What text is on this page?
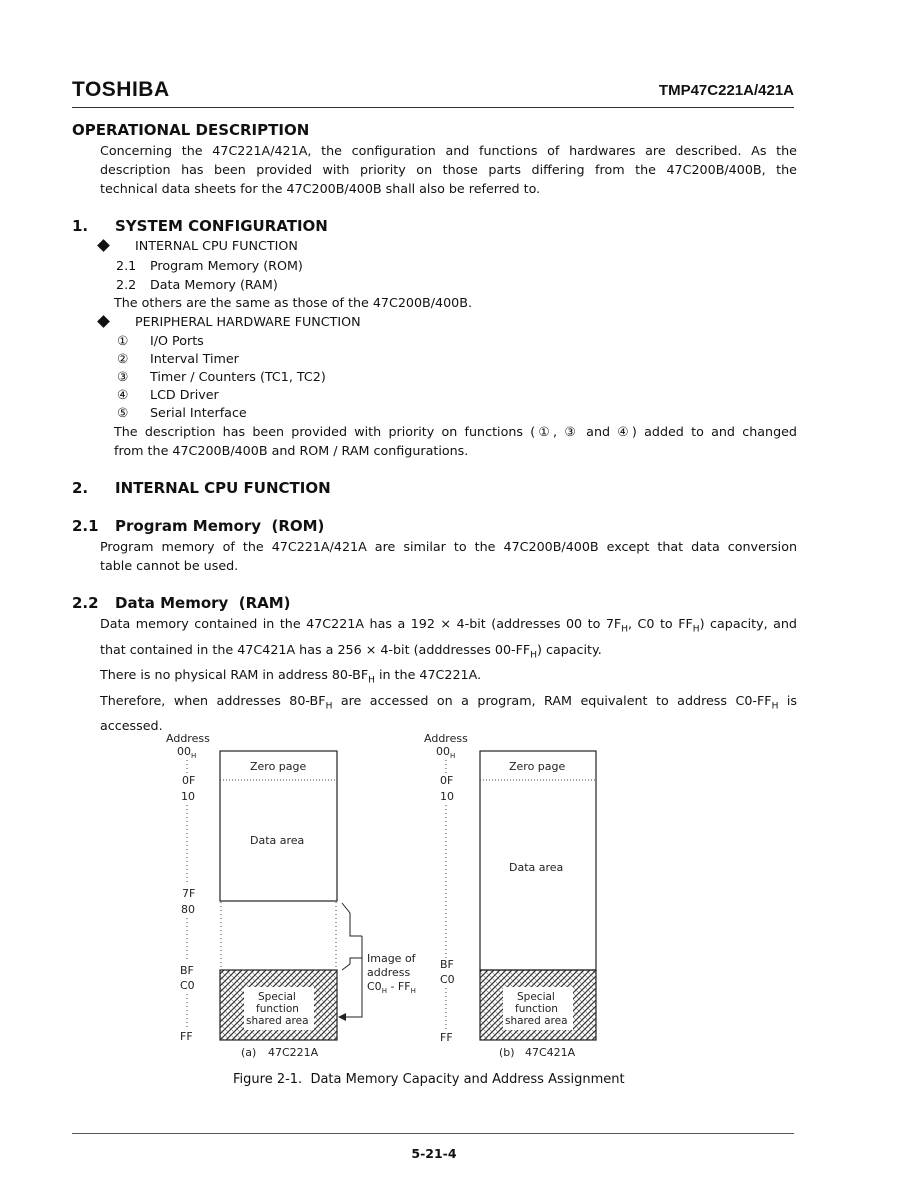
TOSHIBA	TMP47C221A/421A
OPERATIONAL DESCRIPTION
Concerning the 47C221A/421A, the configuration and functions of hardwares are described. As the
description has been provided with priority on those parts differing from the 47C200B/400B, the
technical data sheets for the 47C200B/400B shall also be referred to.
1. SYSTEM CONFIGURATION
INTERNAL CPU FUNCTION
2.1 Program Memory (ROM)
2.2 Data Memory (RAM)
The others are the same as those of the 47C200B/400B.
PERIPHERAL HARDWARE FUNCTION
① I/O Ports
② Interval Timer
③ Timer / Counters (TC1, TC2)
④ LCD Driver
⑤ Serial Interface
The description has been provided with priority on functions (①, ③ and ④) added to and changed
from the 47C200B/400B and ROM / RAM configurations.
2. INTERNAL CPU FUNCTION
2.1 Program Memory  (ROM)
Program memory of the 47C221A/421A are similar to the 47C200B/400B except that data conversion
table cannot be used.
2.2 Data Memory  (RAM)
Data memory contained in the 47C221A has a 192 × 4-bit (addresses 00 to $7F_H$, C0 to $FF_H$) capacity, and
that contained in the 47C421A has a 256 × 4-bit (adddresses $00-FF_H$) capacity.
There is no physical RAM in address $80-BF_H$ in the 47C221A.
Therefore, when addresses $80-BF_H$ are accessed on a program, RAM equivalent to address $C0-FF_H$ is
accessed.
Address
$00_H$
0F
10
7F
80
BF
C0
FF
Zero page
Data area
Special
function
shared area
(a) 47C221A
Image of
address
$C0_H - FF_H$
Address
$00_H$
0F
10
BF
C0
FF
Zero page
Data area
Special
function
shared area
(b) 47C421A
Figure 2-1.  Data Memory Capacity and Address Assignment
5-21-4
